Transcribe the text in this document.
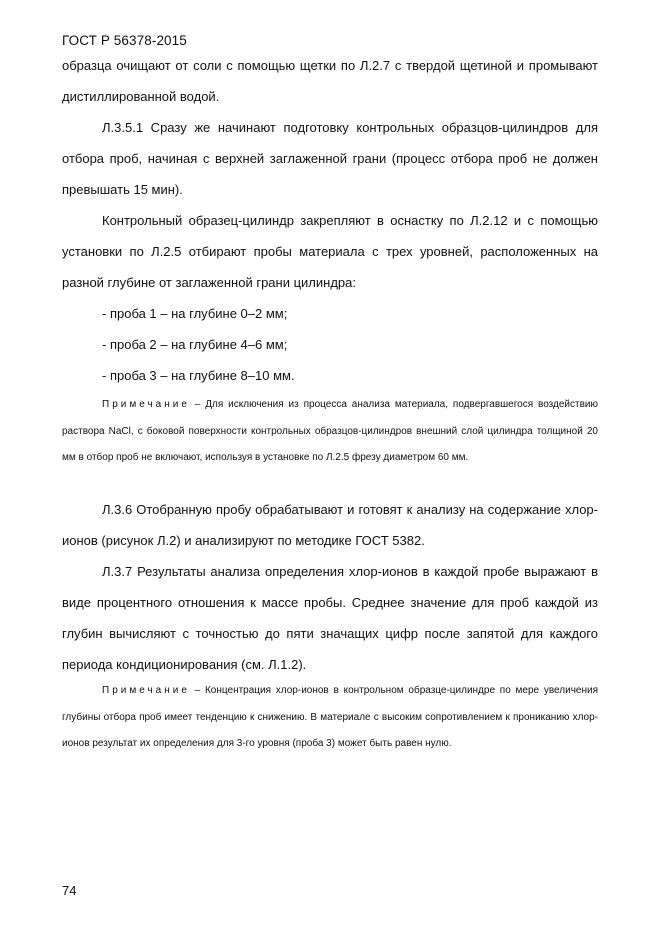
ГОСТ Р 56378-2015

образца очищают от соли с помощью щетки по Л.2.7 с твердой щетиной и промывают дистиллированной водой.

Л.3.5.1 Сразу же начинают подготовку контрольных образцов-цилиндров для отбора проб, начиная с верхней заглаженной грани (процесс отбора проб не должен превышать 15 мин).

Контрольный образец-цилиндр закрепляют в оснастку по Л.2.12 и с помощью установки по Л.2.5 отбирают пробы материала с трех уровней, расположенных на разной глубине от заглаженной грани цилиндра:

- проба 1 – на глубине 0–2 мм;

- проба 2 – на глубине 4–6 мм;

- проба 3 – на глубине 8–10 мм.

Примечание – Для исключения из процесса анализа материала, подвергавшегося воздействию раствора NaCl, с боковой поверхности контрольных образцов-цилиндров внешний слой цилиндра толщиной 20 мм в отбор проб не включают, используя в установке по Л.2.5 фрезу диаметром 60 мм.

Л.3.6 Отобранную пробу обрабатывают и готовят к анализу на содержание хлор-ионов (рисунок Л.2) и анализируют по методике ГОСТ 5382.

Л.3.7 Результаты анализа определения хлор-ионов в каждой пробе выражают в виде процентного отношения к массе пробы. Среднее значение для проб каждой из глубин вычисляют с точностью до пяти значащих цифр после запятой для каждого периода кондиционирования (см. Л.1.2).

Примечание – Концентрация хлор-ионов в контрольном образце-цилиндре по мере увеличения глубины отбора проб имеет тенденцию к снижению. В материале с высоким сопротивлением к прониканию хлор-ионов результат их определения для 3-го уровня (проба 3) может быть равен нулю.

74
